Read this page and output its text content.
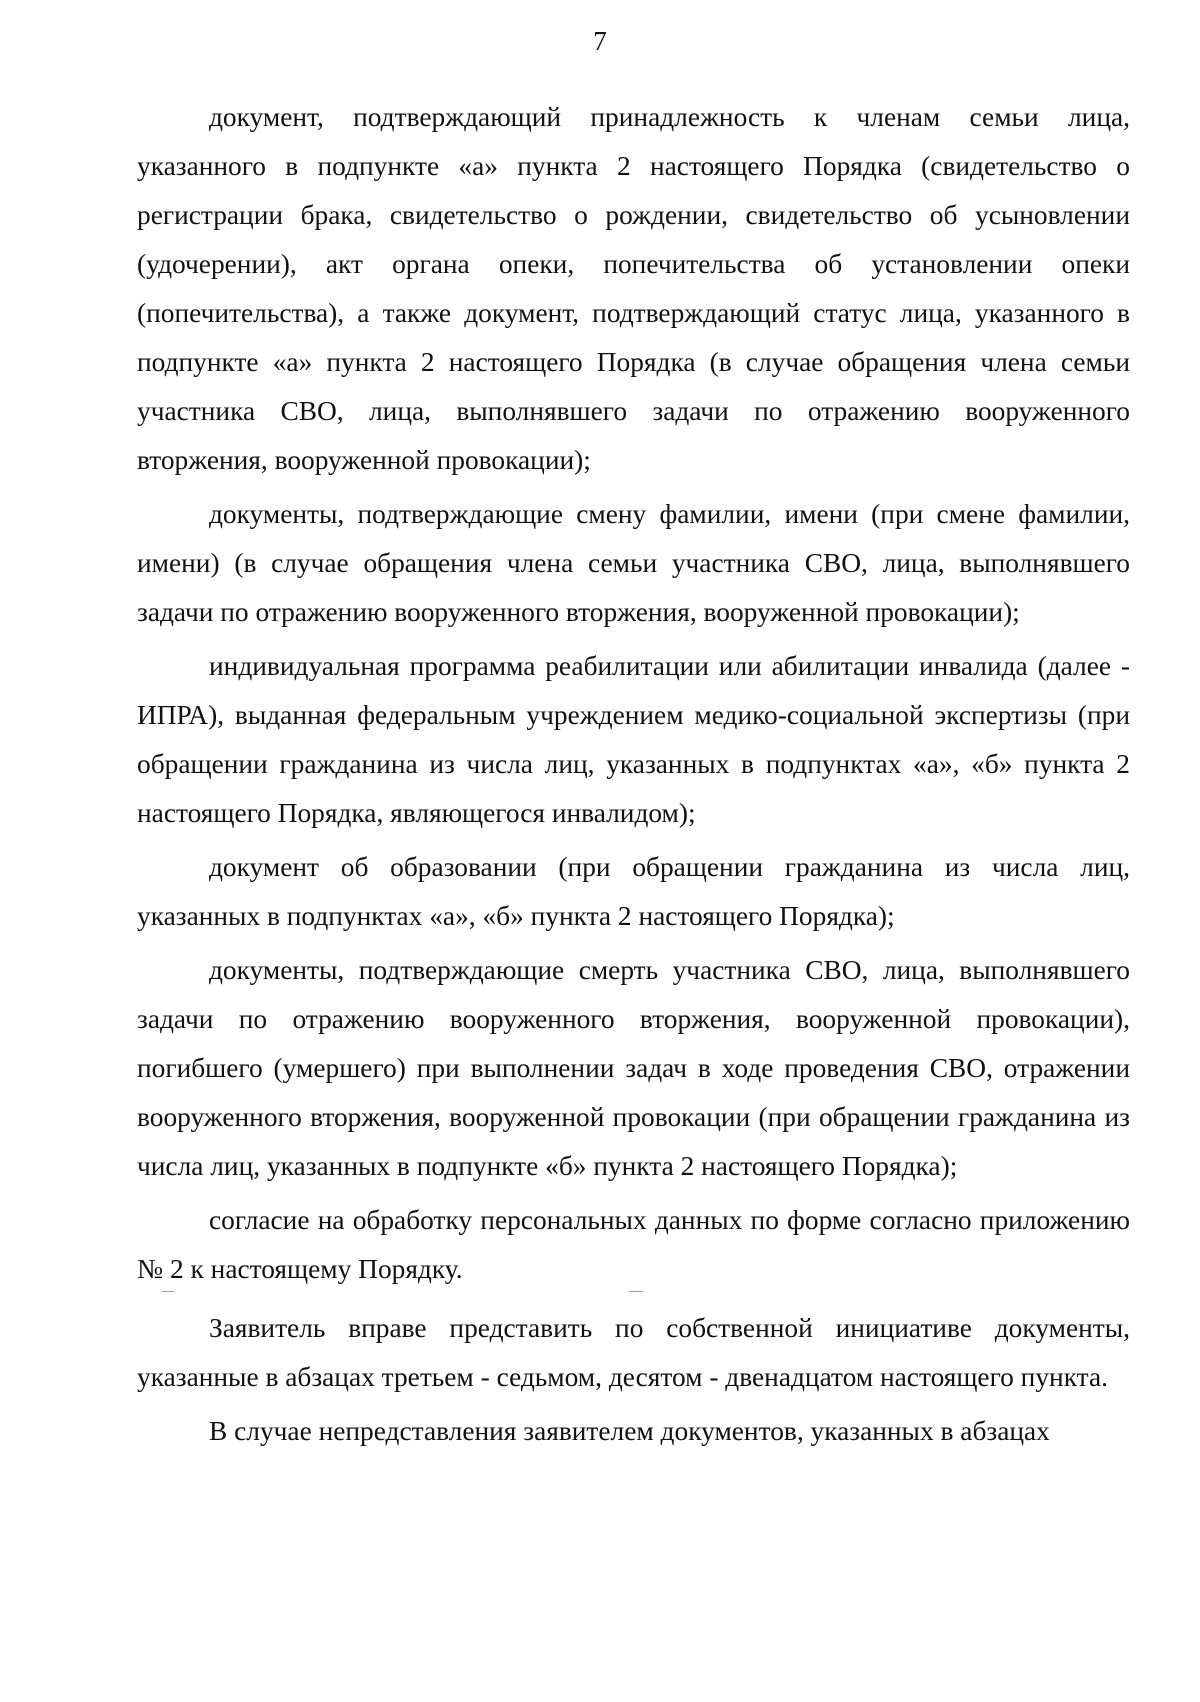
7

документ, подтверждающий принадлежность к членам семьи лица, указанного в подпункте «а» пункта 2 настоящего Порядка (свидетельство о регистрации брака, свидетельство о рождении, свидетельство об усыновлении (удочерении), акт органа опеки, попечительства об установлении опеки (попечительства), а также документ, подтверждающий статус лица, указанного в подпункте «а» пункта 2 настоящего Порядка (в случае обращения члена семьи участника СВО, лица, выполнявшего задачи по отражению вооруженного вторжения, вооруженной провокации);

документы, подтверждающие смену фамилии, имени (при смене фамилии, имени) (в случае обращения члена семьи участника СВО, лица, выполнявшего задачи по отражению вооруженного вторжения, вооруженной провокации);

индивидуальная программа реабилитации или абилитации инвалида (далее - ИПРА), выданная федеральным учреждением медико-социальной экспертизы (при обращении гражданина из числа лиц, указанных в подпунктах «а», «б» пункта 2 настоящего Порядка, являющегося инвалидом);

документ об образовании (при обращении гражданина из числа лиц, указанных в подпунктах «а», «б» пункта 2 настоящего Порядка);

документы, подтверждающие смерть участника СВО, лица, выполнявшего задачи по отражению вооруженного вторжения, вооруженной провокации), погибшего (умершего) при выполнении задач в ходе проведения СВО, отражении вооруженного вторжения, вооруженной провокации (при обращении гражданина из числа лиц, указанных в подпункте «б» пункта 2 настоящего Порядка);

согласие на обработку персональных данных по форме согласно приложению № 2 к настоящему Порядку.

Заявитель вправе представить по собственной инициативе документы, указанные в абзацах третьем - седьмом, десятом - двенадцатом настоящего пункта.

В случае непредставления заявителем документов, указанных в абзацах
